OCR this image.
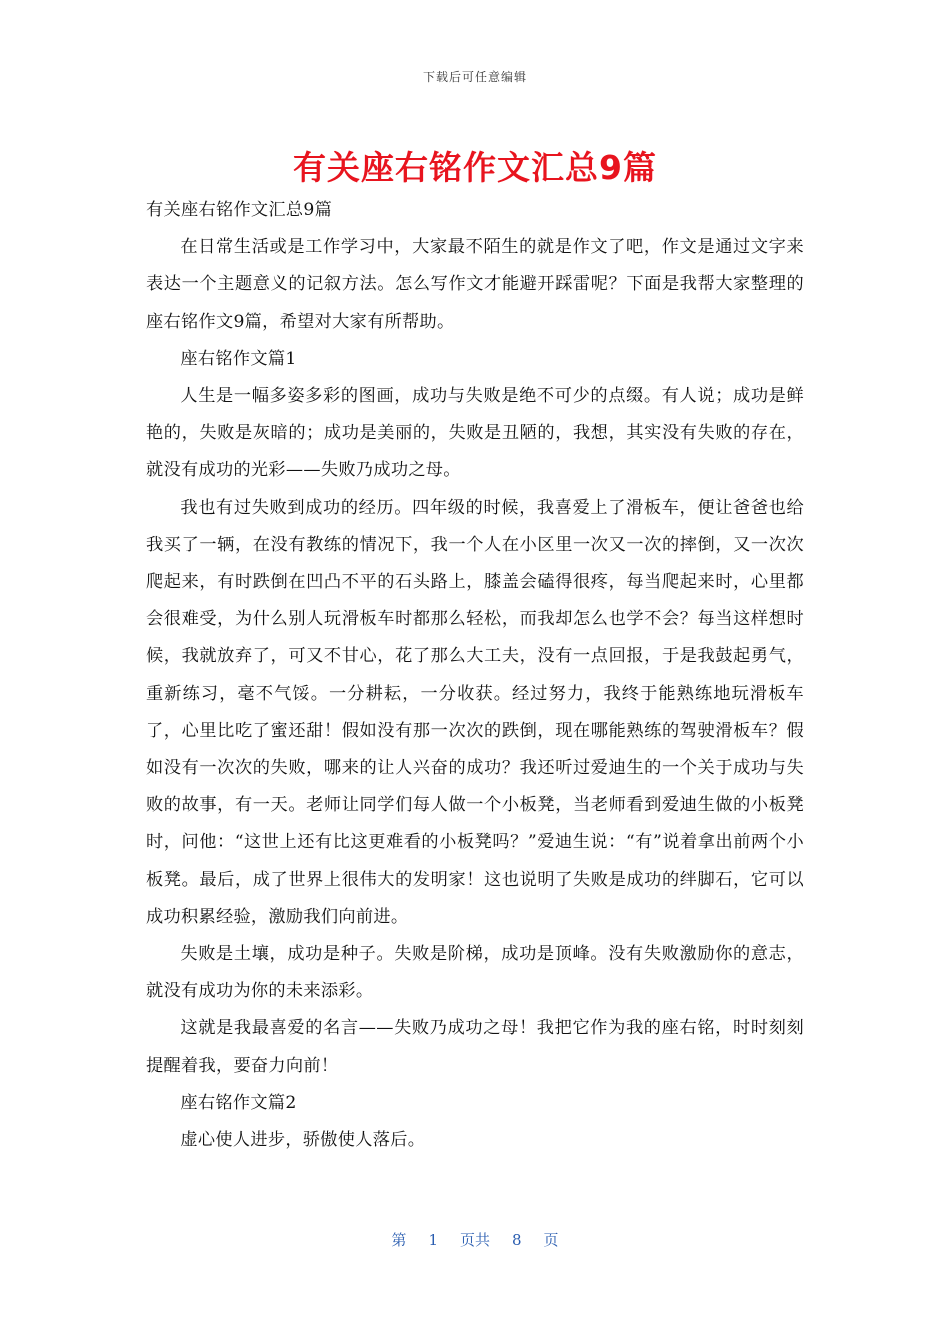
下载后可任意编辑
有关座右铭作文汇总9篇

有关座右铭作文汇总9篇

在日常生活或是工作学习中，大家最不陌生的就是作文了吧，作文是通过文字来表达一个主题意义的记叙方法。怎么写作文才能避开踩雷呢？下面是我帮大家整理的座右铭作文9篇，希望对大家有所帮助。

座右铭作文篇1

人生是一幅多姿多彩的图画，成功与失败是绝不可少的点缀。有人说；成功是鲜艳的，失败是灰暗的；成功是美丽的，失败是丑陋的，我想，其实没有失败的存在，就没有成功的光彩——失败乃成功之母。

我也有过失败到成功的经历。四年级的时候，我喜爱上了滑板车，便让爸爸也给我买了一辆，在没有教练的情况下，我一个人在小区里一次又一次的摔倒，又一次次爬起来，有时跌倒在凹凸不平的石头路上，膝盖会磕得很疼，每当爬起来时，心里都会很难受，为什么别人玩滑板车时都那么轻松，而我却怎么也学不会？每当这样想时候，我就放弃了，可又不甘心，花了那么大工夫，没有一点回报，于是我鼓起勇气，重新练习，毫不气馁。一分耕耘，一分收获。经过努力，我终于能熟练地玩滑板车了，心里比吃了蜜还甜！假如没有那一次次的跌倒，现在哪能熟练的驾驶滑板车？假如没有一次次的失败，哪来的让人兴奋的成功？我还听过爱迪生的一个关于成功与失败的故事，有一天。老师让同学们每人做一个小板凳，当老师看到爱迪生做的小板凳时，问他：“这世上还有比这更难看的小板凳吗？”爱迪生说：“有”说着拿出前两个小板凳。最后，成了世界上很伟大的发明家！这也说明了失败是成功的绊脚石，它可以成功积累经验，激励我们向前进。

失败是土壤，成功是种子。失败是阶梯，成功是顶峰。没有失败激励你的意志，就没有成功为你的未来添彩。

这就是我最喜爱的名言——失败乃成功之母！我把它作为我的座右铭，时时刻刻提醒着我，要奋力向前！

座右铭作文篇2

虚心使人进步，骄傲使人落后。

第 1 页共 8 页
